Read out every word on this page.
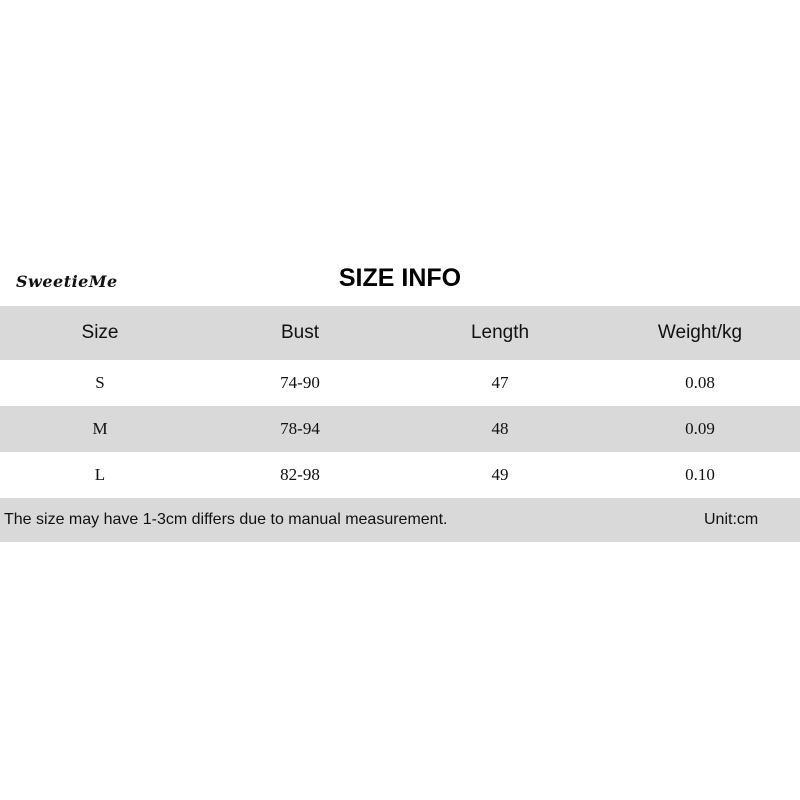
SweetieMe	SIZE INFO
Size	Bust	Length	Weight/kg
S	74-90	47	0.08
M	78-94	48	0.09
L	82-98	49	0.10
The size may have 1-3cm differs due to manual measurement.	Unit:cm
